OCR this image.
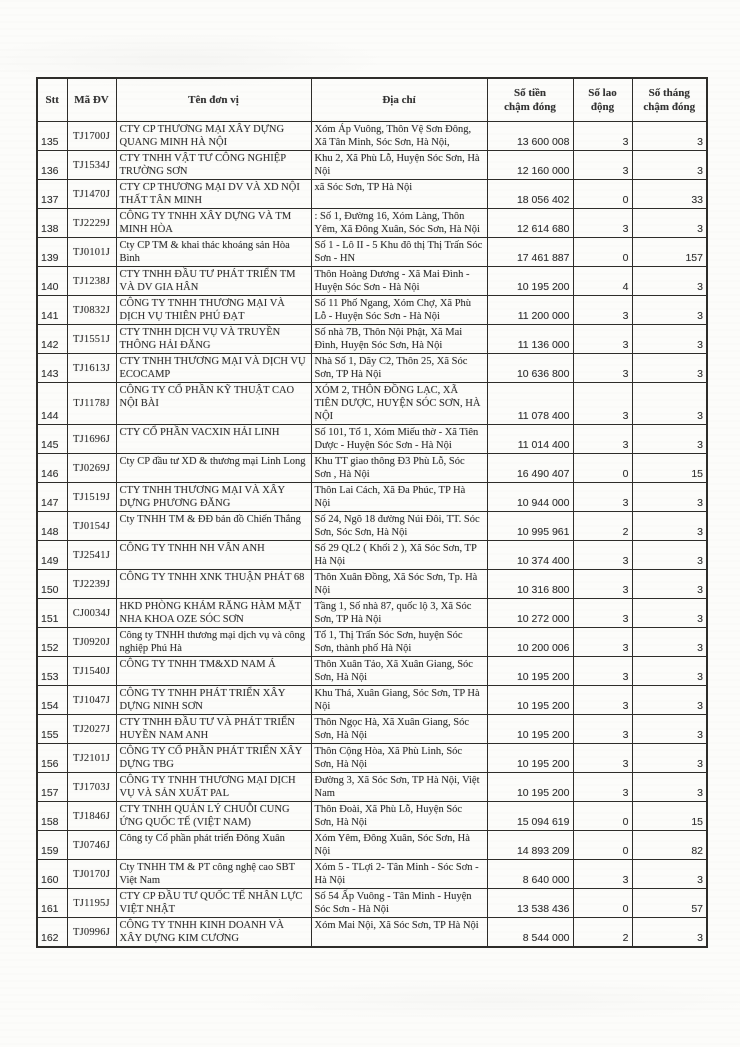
Stt	Mã ĐV	Tên đơn vị	Địa chỉ	Số tiền chậm đóng	Số lao động	Số tháng chậm đóng
135	TJ1700J	CTY CP THƯƠNG MẠI XÂY DỰNG QUANG MINH HÀ NỘI	Xóm Áp Vuông, Thôn Vệ Sơn Đông, Xã Tân Minh, Sóc Sơn, Hà Nội,	13 600 008	3	3
136	TJ1534J	CTY TNHH VẬT TƯ CÔNG NGHIỆP TRƯỜNG SƠN	Khu 2, Xã Phù Lỗ, Huyện Sóc Sơn, Hà Nội	12 160 000	3	3
137	TJ1470J	CTY CP THƯƠNG MẠI DV VÀ XD NỘI THẤT TÂN MINH	xã Sóc Sơn, TP Hà Nội	18 056 402	0	33
138	TJ2229J	CÔNG TY TNHH XÂY DỰNG VÀ TM MINH HÒA	: Số 1, Đường 16, Xóm Làng, Thôn Yêm, Xã Đông Xuân, Sóc Sơn, Hà Nội	12 614 680	3	3
139	TJ0101J	Cty CP TM & khai thác khoáng sản Hòa Bình	Số 1 - Lô II - 5 Khu đô thị Thị Trấn Sóc Sơn - HN	17 461 887	0	157
140	TJ1238J	CTY TNHH ĐẦU TƯ PHÁT TRIỂN TM VÀ DV GIA HÂN	Thôn Hoàng Dương - Xã Mai Đình - Huyện Sóc Sơn - Hà Nội	10 195 200	4	3
141	TJ0832J	CÔNG TY TNHH THƯƠNG MẠI VÀ DỊCH VỤ THIÊN PHÚ ĐẠT	Số 11 Phố Ngang, Xóm Chợ, Xã Phù Lỗ - Huyện Sóc Sơn - Hà Nội	11 200 000	3	3
142	TJ1551J	CTY TNHH DỊCH VỤ VÀ TRUYỀN THÔNG HẢI ĐĂNG	Số nhà 7B, Thôn Nội Phật, Xã Mai Đình, Huyện Sóc Sơn, Hà Nội	11 136 000	3	3
143	TJ1613J	CTY TNHH THƯƠNG MẠI VÀ DỊCH VỤ ECOCAMP	Nhà Số 1, Dãy C2, Thôn 25, Xã Sóc Sơn, TP Hà Nội	10 636 800	3	3
144	TJ1178J	CÔNG TY CỔ PHẦN KỸ THUẬT CAO NỘI BÀI	XÓM 2, THÔN ĐỒNG LẠC, XÃ TIÊN DƯỢC, HUYỆN SÓC SƠN, HÀ NỘI	11 078 400	3	3
145	TJ1696J	CTY CỔ PHẦN VACXIN HẢI LINH	Số 101, Tổ 1, Xóm Miếu thờ - Xã Tiên Dược - Huyện Sóc Sơn - Hà Nội	11 014 400	3	3
146	TJ0269J	Cty CP đầu tư XD & thương mại Linh Long	Khu TT giao thông Đ3 Phù Lỗ, Sóc Sơn , Hà Nội	16 490 407	0	15
147	TJ1519J	CTY TNHH THƯƠNG MẠI VÀ XÂY DỰNG PHƯƠNG ĐĂNG	Thôn Lai Cách, Xã Đa Phúc, TP Hà Nội	10 944 000	3	3
148	TJ0154J	Cty TNHH TM & ĐĐ bản đồ Chiến Thắng	Số 24, Ngõ 18 đường Núi Đôi, TT. Sóc Sơn, Sóc Sơn, Hà Nội	10 995 961	2	3
149	TJ2541J	CÔNG TY TNHH NH VÂN ANH	Số 29 QL2 ( Khối 2 ), Xã Sóc Sơn, TP Hà Nội	10 374 400	3	3
150	TJ2239J	CÔNG TY TNHH XNK THUẬN PHÁT 68	Thôn Xuân Đồng, Xã Sóc Sơn, Tp. Hà Nội	10 316 800	3	3
151	CJ0034J	HKD PHÒNG KHÁM RĂNG HÀM MẶT NHA KHOA OZE SÓC SƠN	Tầng 1, Số nhà 87, quốc lộ 3, Xã Sóc Sơn, TP Hà Nội	10 272 000	3	3
152	TJ0920J	Công ty TNHH thương mại dịch vụ và công nghiệp Phú Hà	Tổ 1, Thị Trấn Sóc Sơn, huyện Sóc Sơn, thành phố Hà Nội	10 200 006	3	3
153	TJ1540J	CÔNG TY TNHH TM&XD NAM Á	Thôn Xuân Tảo, Xã Xuân Giang, Sóc Sơn, Hà Nội	10 195 200	3	3
154	TJ1047J	CÔNG TY TNHH PHÁT TRIỂN XÂY DỰNG NINH SƠN	Khu Thá, Xuân Giang, Sóc Sơn, TP Hà Nội	10 195 200	3	3
155	TJ2027J	CTY TNHH ĐẦU TƯ VÀ PHÁT TRIỂN HUYỀN NAM ANH	Thôn Ngọc Hà, Xã Xuân Giang, Sóc Sơn, Hà Nội	10 195 200	3	3
156	TJ2101J	CÔNG TY CỔ PHẦN PHÁT TRIỂN XÂY DỰNG TBG	Thôn Cộng Hòa, Xã Phù Linh, Sóc Sơn, Hà Nội	10 195 200	3	3
157	TJ1703J	CÔNG TY TNHH THƯƠNG MẠI DỊCH VỤ VÀ SẢN XUẤT PAL	Đường 3, Xã Sóc Sơn, TP Hà Nội, Việt Nam	10 195 200	3	3
158	TJ1846J	CTY TNHH QUẢN LÝ CHUỖI CUNG ỨNG QUỐC TẾ (VIỆT NAM)	Thôn Đoài, Xã Phù Lỗ, Huyện Sóc Sơn, Hà Nội	15 094 619	0	15
159	TJ0746J	Công ty Cổ phần phát triển Đông Xuân	Xóm Yêm, Đông Xuân, Sóc Sơn, Hà Nội	14 893 209	0	82
160	TJ0170J	Cty TNHH TM & PT công nghệ cao SBT Việt Nam	Xóm 5 - TLợi 2- Tân Minh - Sóc Sơn - Hà Nội	8 640 000	3	3
161	TJ1195J	CTY CP ĐẦU TƯ QUỐC TẾ NHÂN LỰC VIỆT NHẬT	Số 54 Ấp Vuông - Tân Minh - Huyện Sóc Sơn - Hà Nội	13 538 436	0	57
162	TJ0996J	CÔNG TY TNHH KINH DOANH VÀ XÂY DỰNG KIM CƯƠNG	Xóm Mai Nội, Xã Sóc Sơn, TP Hà Nội	8 544 000	2	3
